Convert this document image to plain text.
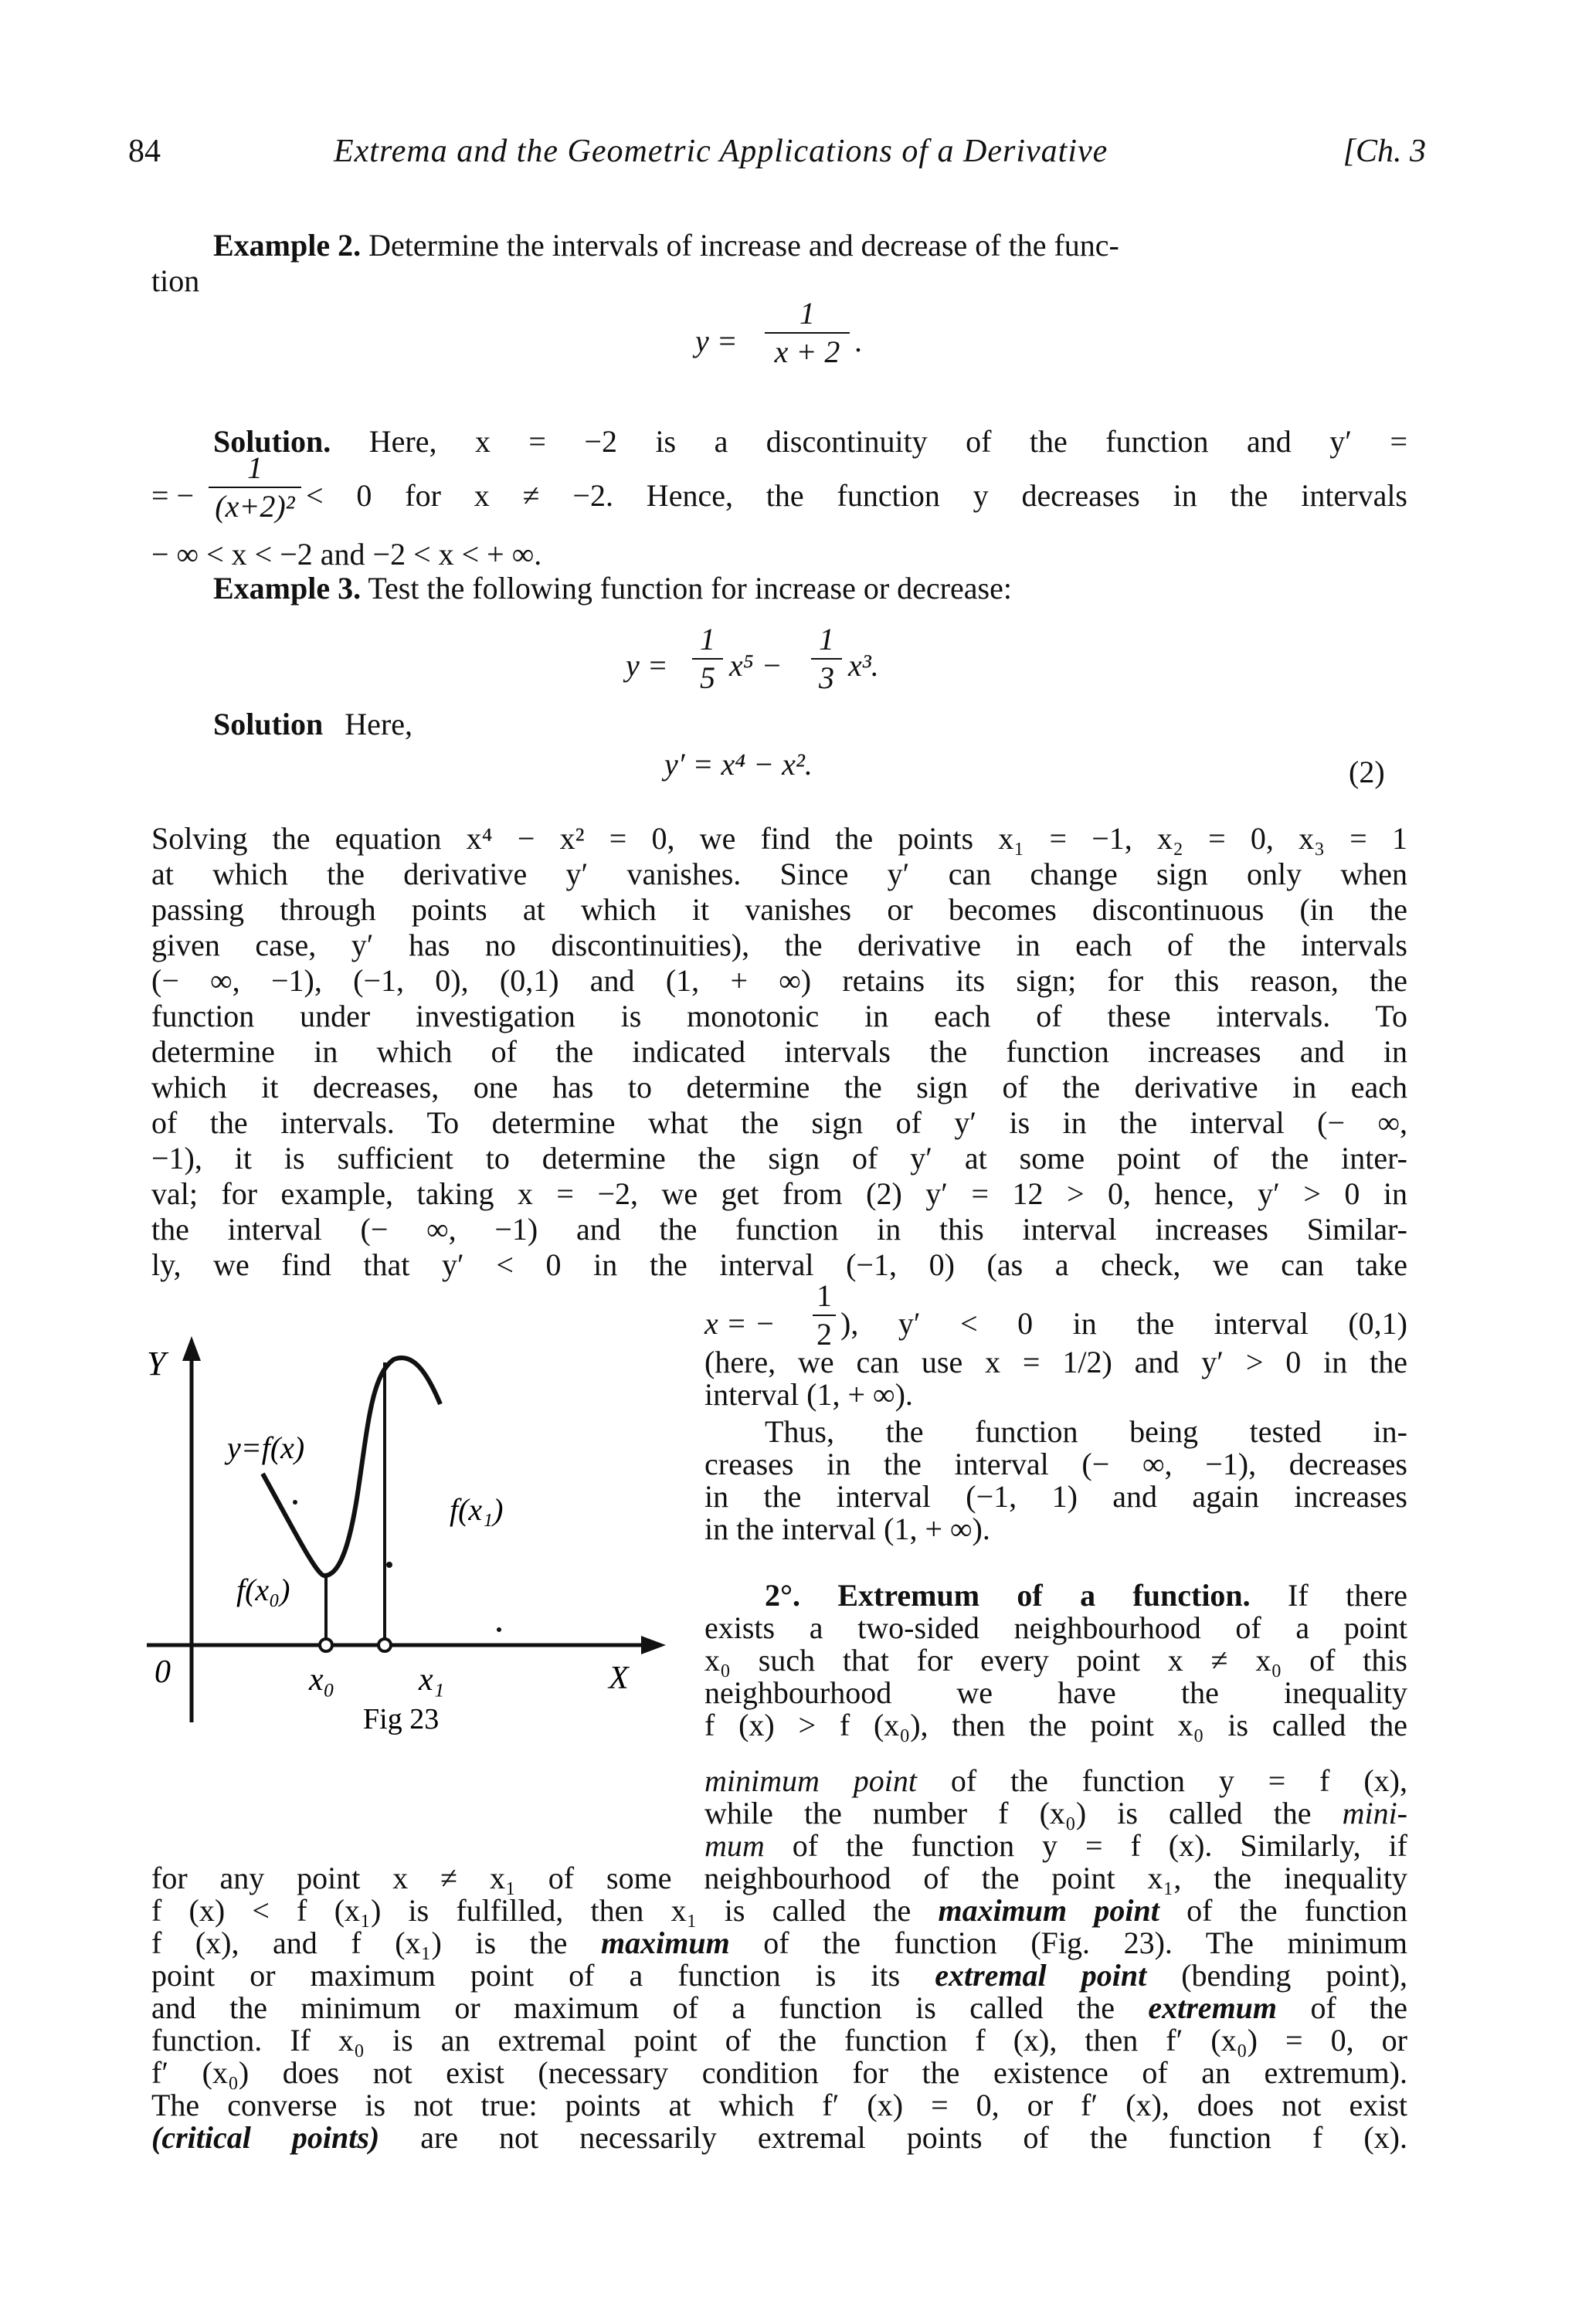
84	Extrema and the Geometric Applications of a Derivative	[Ch. 3
Example 2. Determine the intervals of increase and decrease of the func-
tion
y =
1
x + 2 .
Solution. Here, x = −2 is a discontinuity of the function and y′ =
= −
1
(x+2)² < 0 for x ≠ −2. Hence, the function y decreases in the intervals
− ∞ < x < −2 and −2 < x < + ∞.
Example 3. Test the following function for increase or decrease:
y =
1
5 x⁵ −
1
3 x³.
Solution Here,
y′ = x⁴ − x².	(2)
Solving the equation x⁴ − x² = 0, we find the points x₁ = −1, x₂ = 0, x₃ = 1
at which the derivative y′ vanishes. Since y′ can change sign only when
passing through points at which it vanishes or becomes discontinuous (in the
given case, y′ has no discontinuities), the derivative in each of the intervals
(− ∞, −1), (−1, 0), (0,1) and (1, + ∞) retains its sign; for this reason, the
function under investigation is monotonic in each of these intervals. To
determine in which of the indicated intervals the function increases and in
which it decreases, one has to determine the sign of the derivative in each
of the intervals. To determine what the sign of y′ is in the interval (− ∞,
−1), it is sufficient to determine the sign of y′ at some point of the inter-
val; for example, taking x = −2, we get from (2) y′ = 12 > 0, hence, y′ > 0 in
the interval (− ∞, −1) and the function in this interval increases Similar-
ly, we find that y′ < 0 in the interval (−1, 0) (as a check, we can take
Y
0	X
y=f(x)
f(x₀)
f(x₁)
x₀	x₁
Fig 23
x = −
1
2 ), y′ < 0 in the interval (0,1)
(here, we can use x = 1/2) and y′ > 0 in the
interval (1, + ∞).
Thus, the function being tested in-
creases in the interval (− ∞, −1), decreases
in the interval (−1, 1) and again increases
in the interval (1, + ∞).
2°. Extremum of a function. If there
exists a two-sided neighbourhood of a point
x₀ such that for every point x ≠ x₀ of this
neighbourhood we have the inequality
f (x) > f (x₀), then the point x₀ is called the
minimum point of the function y = f (x),
while the number f (x₀) is called the mini-
mum of the function y = f (x). Similarly, if
for any point x ≠ x₁ of some neighbourhood of the point x₁, the inequality
f (x) < f (x₁) is fulfilled, then x₁ is called the maximum point of the function
f (x), and f (x₁) is the maximum of the function (Fig. 23). The minimum
point or maximum point of a function is its extremal point (bending point),
and the minimum or maximum of a function is called the extremum of the
function. If x₀ is an extremal point of the function f (x), then f′ (x₀) = 0, or
f′ (x₀) does not exist (necessary condition for the existence of an extremum).
The converse is not true: points at which f′ (x) = 0, or f′ (x), does not exist
(critical points) are not necessarily extremal points of the function f (x).
